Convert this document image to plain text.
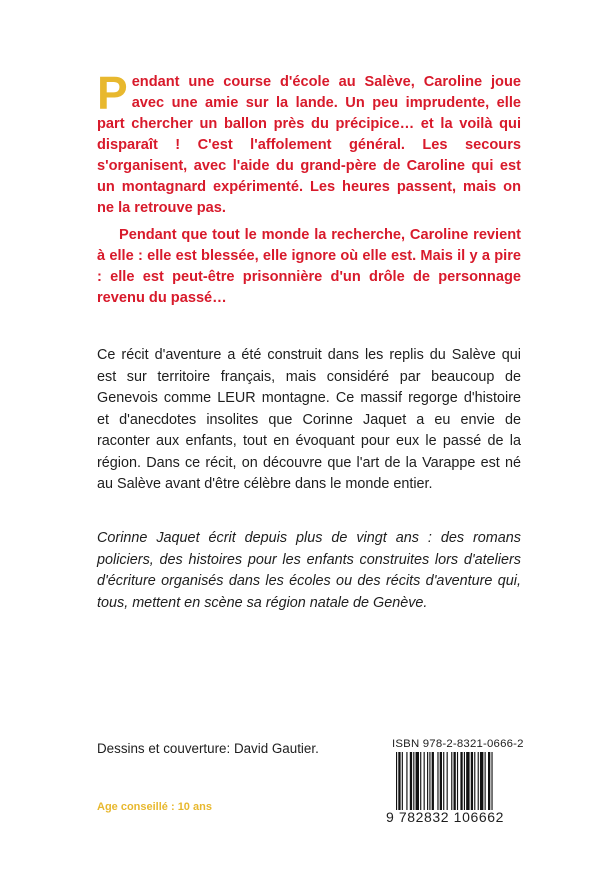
Pendant une course d'école au Salève, Caroline joue avec une amie sur la lande. Un peu imprudente, elle part chercher un ballon près du précipice… et la voilà qui disparaît ! C'est l'affolement général. Les secours s'organisent, avec l'aide du grand-père de Caroline qui est un montagnard expérimenté. Les heures passent, mais on ne la retrouve pas.

Pendant que tout le monde la recherche, Caroline revient à elle : elle est blessée, elle ignore où elle est. Mais il y a pire : elle est peut-être prisonnière d'un drôle de personnage revenu du passé…

Ce récit d'aventure a été construit dans les replis du Salève qui est sur territoire français, mais considéré par beaucoup de Genevois comme LEUR montagne. Ce massif regorge d'histoire et d'anecdotes insolites que Corinne Jaquet a eu envie de raconter aux enfants, tout en évoquant pour eux le passé de la région. Dans ce récit, on découvre que l'art de la Varappe est né au Salève avant d'être célèbre dans le monde entier.
Corinne Jaquet écrit depuis plus de vingt ans : des romans policiers, des histoires pour les enfants construites lors d'ateliers d'écriture organisés dans les écoles ou des récits d'aventure qui, tous, mettent en scène sa région natale de Genève.
Dessins et couverture: David Gautier.
Age conseillé : 10 ans
ISBN 978-2-8321-0666-2
9 782832 106662
